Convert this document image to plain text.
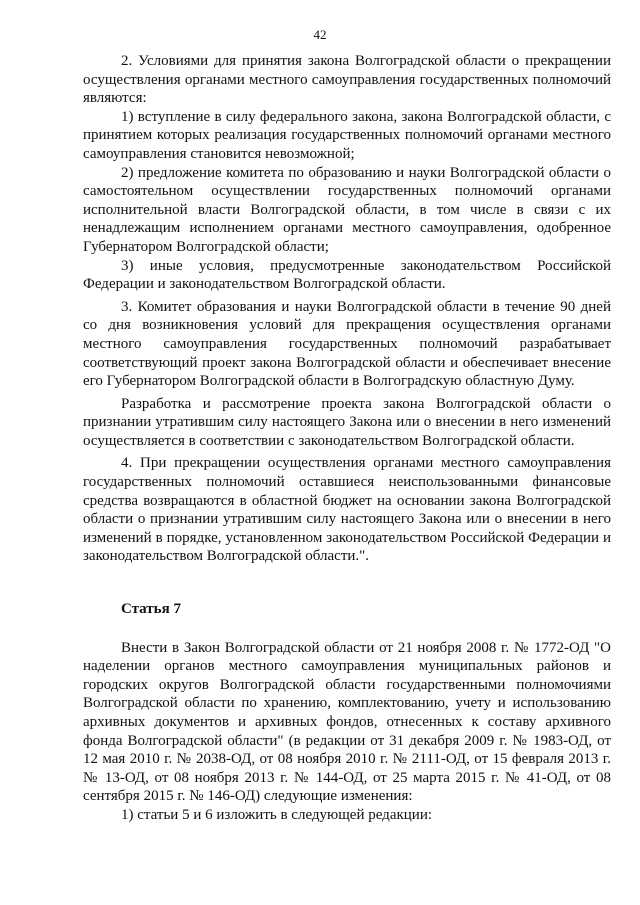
42

2. Условиями для принятия закона Волгоградской области о прекращении осуществления органами местного самоуправления государственных полномочий являются:

1) вступление в силу федерального закона, закона Волгоградской области, с принятием которых реализация государственных полномочий органами местного самоуправления становится невозможной;

2) предложение комитета по образованию и науки Волгоградской области о самостоятельном осуществлении государственных полномочий органами исполнительной власти Волгоградской области, в том числе в связи с их ненадлежащим исполнением органами местного самоуправления, одобренное Губернатором Волгоградской области;

3) иные условия, предусмотренные законодательством Российской Федерации и законодательством Волгоградской области.

3. Комитет образования и науки Волгоградской области в течение 90 дней со дня возникновения условий для прекращения осуществления органами местного самоуправления государственных полномочий разрабатывает соответствующий проект закона Волгоградской области и обеспечивает внесение его Губернатором Волгоградской области в Волгоградскую областную Думу.

Разработка и рассмотрение проекта закона Волгоградской области о признании утратившим силу настоящего Закона или о внесении в него изменений осуществляется в соответствии с законодательством Волгоградской области.

4. При прекращении осуществления органами местного самоуправления государственных полномочий оставшиеся неиспользованными финансовые средства возвращаются в областной бюджет на основании закона Волгоградской области о признании утратившим силу настоящего Закона или о внесении в него изменений в порядке, установленном законодательством Российской Федерации и законодательством Волгоградской области.".

Статья 7

Внести в Закон Волгоградской области от 21 ноября 2008 г. № 1772-ОД "О наделении органов местного самоуправления муниципальных районов и городских округов Волгоградской области государственными полномочиями Волгоградской области по хранению, комплектованию, учету и использованию архивных документов и архивных фондов, отнесенных к составу архивного фонда Волгоградской области" (в редакции от 31 декабря 2009 г. № 1983-ОД, от 12 мая 2010 г. № 2038-ОД, от 08 ноября 2010 г. № 2111-ОД, от 15 февраля 2013 г. № 13-ОД, от 08 ноября 2013 г. № 144-ОД, от 25 марта 2015 г. № 41-ОД, от 08 сентября 2015 г. № 146-ОД) следующие изменения:

1) статьи 5 и 6 изложить в следующей редакции:
